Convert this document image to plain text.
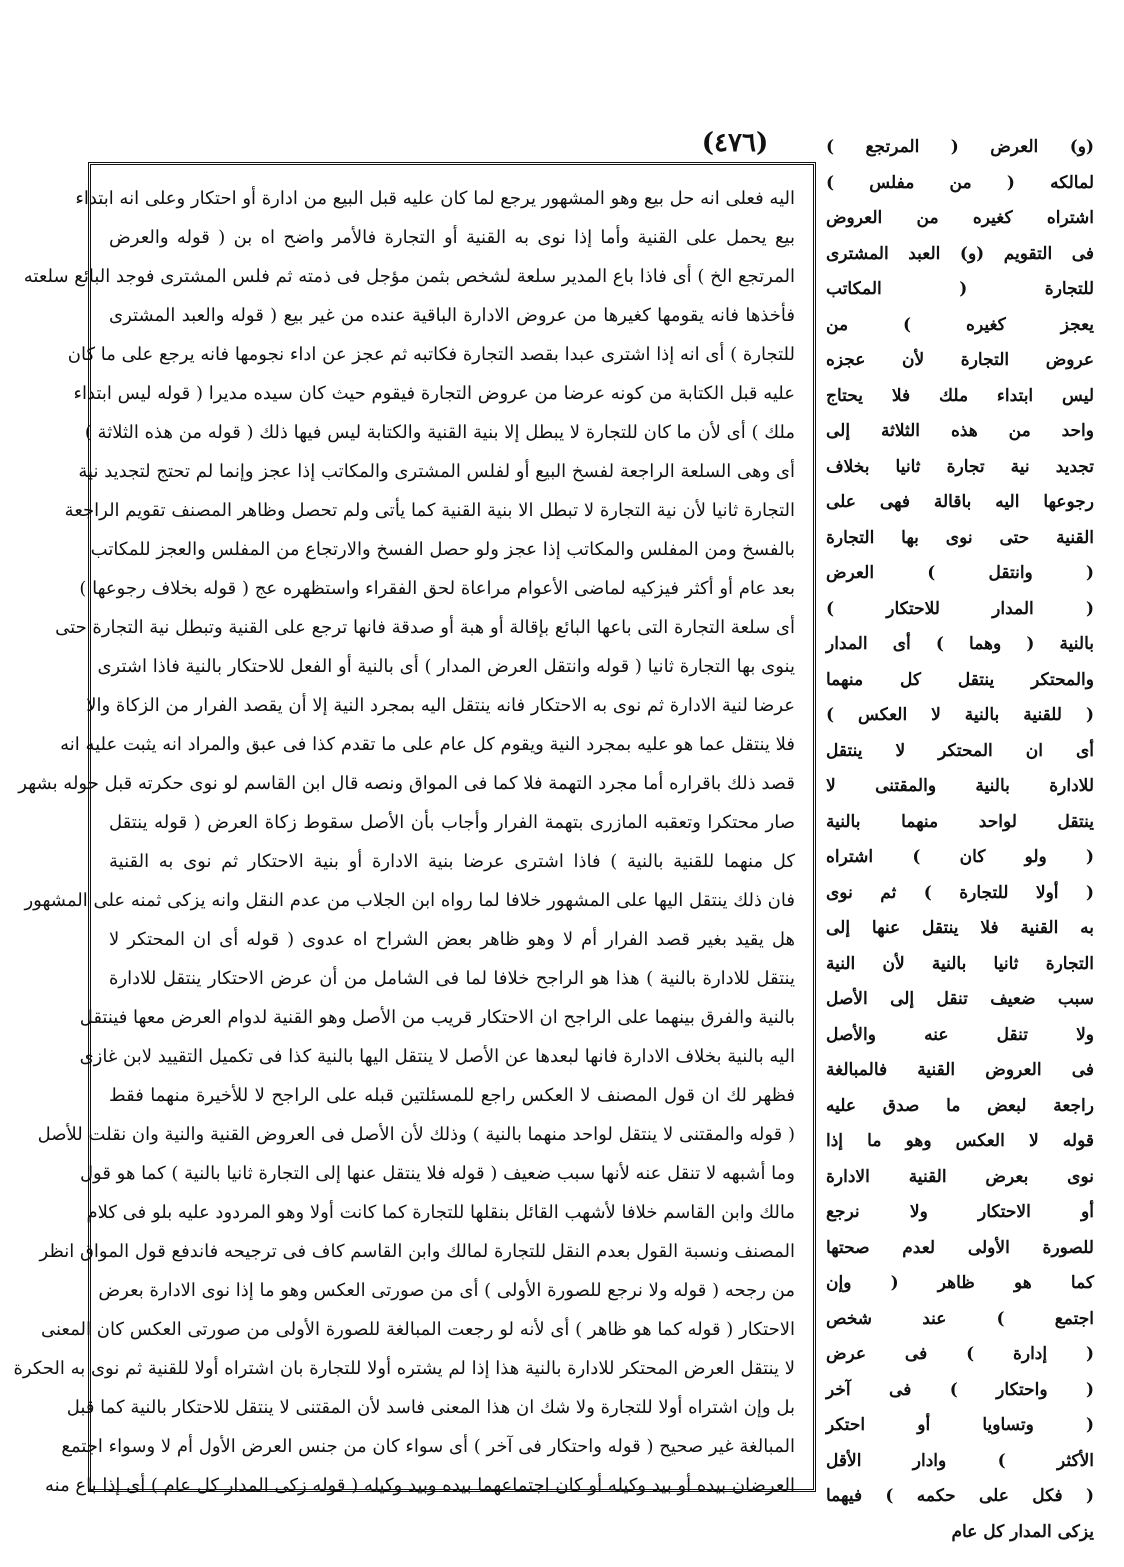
(٤٧٦)
اليه فعلى انه حل بيع وهو المشهور يرجع لما كان عليه قبل البيع من ادارة أو احتكار وعلى انه ابتداء
بيع يحمل على القنية وأما إذا نوى به القنية أو التجارة فالأمر واضح اه بن ( قوله والعرض
المرتجع الخ ) أى فاذا باع المدير سلعة لشخص بثمن مؤجل فى ذمته ثم فلس المشترى فوجد البائع سلعته
فأخذها فانه يقومها كغيرها من عروض الادارة الباقية عنده من غير بيع ( قوله والعبد المشترى
للتجارة ) أى انه إذا اشترى عبدا بقصد التجارة فكاتبه ثم عجز عن اداء نجومها فانه يرجع على ما كان
عليه قبل الكتابة من كونه عرضا من عروض التجارة فيقوم حيث كان سيده مديرا ( قوله ليس ابتداء
ملك ) أى لأن ما كان للتجارة لا يبطل إلا بنية القنية والكتابة ليس فيها ذلك ( قوله من هذه الثلاثة )
أى وهى السلعة الراجعة لفسخ البيع أو لفلس المشترى والمكاتب إذا عجز وإنما لم تحتج لتجديد نية
التجارة ثانيا لأن نية التجارة لا تبطل الا بنية القنية كما يأتى ولم تحصل وظاهر المصنف تقويم الراجعة
بالفسخ ومن المفلس والمكاتب إذا عجز ولو حصل الفسخ والارتجاع من المفلس والعجز للمكاتب
بعد عام أو أكثر فيزكيه لماضى الأعوام مراعاة لحق الفقراء واستظهره عج ( قوله بخلاف رجوعها )
أى سلعة التجارة التى باعها البائع بإقالة أو هبة أو صدقة فانها ترجع على القنية وتبطل نية التجارة حتى
ينوى بها التجارة ثانيا ( قوله وانتقل العرض المدار ) أى بالنية أو الفعل للاحتكار بالنية فاذا اشترى
عرضا لنية الادارة ثم نوى به الاحتكار فانه ينتقل اليه بمجرد النية إلا أن يقصد الفرار من الزكاة والا
فلا ينتقل عما هو عليه بمجرد النية ويقوم كل عام على ما تقدم كذا فى عبق والمراد انه يثبت عليه انه
قصد ذلك باقراره أما مجرد التهمة فلا كما فى المواق ونصه قال ابن القاسم لو نوى حكرته قبل حوله بشهر
صار محتكرا وتعقبه المازرى بتهمة الفرار وأجاب بأن الأصل سقوط زكاة العرض ( قوله ينتقل
كل منهما للقنية بالنية ) فاذا اشترى عرضا بنية الادارة أو بنية الاحتكار ثم نوى به القنية
فان ذلك ينتقل اليها على المشهور خلافا لما رواه ابن الجلاب من عدم النقل وانه يزكى ثمنه على المشهور
هل يقيد بغير قصد الفرار أم لا وهو ظاهر بعض الشراح اه عدوى ( قوله أى ان المحتكر لا
ينتقل للادارة بالنية ) هذا هو الراجح خلافا لما فى الشامل من أن عرض الاحتكار ينتقل للادارة
بالنية والفرق بينهما على الراجح ان الاحتكار قريب من الأصل وهو القنية لدوام العرض معها فينتقل
اليه بالنية بخلاف الادارة فانها لبعدها عن الأصل لا ينتقل اليها بالنية كذا فى تكميل التقييد لابن غازى
فظهر لك ان قول المصنف لا العكس راجع للمسئلتين قبله على الراجح لا للأخيرة منهما فقط
( قوله والمقتنى لا ينتقل لواحد منهما بالنية ) وذلك لأن الأصل فى العروض القنية والنية وان نقلت للأصل
وما أشبهه لا تنقل عنه لأنها سبب ضعيف ( قوله فلا ينتقل عنها إلى التجارة ثانيا بالنية ) كما هو قول
مالك وابن القاسم خلافا لأشهب القائل بنقلها للتجارة كما كانت أولا وهو المردود عليه بلو فى كلام
المصنف ونسبة القول بعدم النقل للتجارة لمالك وابن القاسم كاف فى ترجيحه فاندفع قول المواق انظر
من رجحه ( قوله ولا نرجع للصورة الأولى ) أى من صورتى العكس وهو ما إذا نوى الادارة بعرض
الاحتكار ( قوله كما هو ظاهر ) أى لأنه لو رجعت المبالغة للصورة الأولى من صورتى العكس كان المعنى
لا ينتقل العرض المحتكر للادارة بالنية هذا إذا لم يشتره أولا للتجارة بان اشتراه أولا للقنية ثم نوى به الحكرة
بل وإن اشتراه أولا للتجارة ولا شك ان هذا المعنى فاسد لأن المقتنى لا ينتقل للاحتكار بالنية كما قبل
المبالغة غير صحيح ( قوله واحتكار فى آخر ) أى سواء كان من جنس العرض الأول أم لا وسواء اجتمع
العرضان بيده أو بيد وكيله أو كان اجتماعهما بيده وبيد وكيله ( قوله زكى المدار كل عام ) أى إذا باع منه
(و) العرض ( المرتجع )
لمالكه ( من مفلس )
اشتراه كغيره من العروض
فى التقويم (و) العبد المشترى
للتجارة ( المكاتب
يعجز كغيره ) من
عروض التجارة لأن عجزه
ليس ابتداء ملك فلا يحتاج
واحد من هذه الثلاثة إلى
تجديد نية تجارة ثانيا بخلاف
رجوعها اليه باقالة فهى على
القنية حتى نوى بها التجارة
( وانتقل ) العرض
( المدار للاحتكار )
بالنية ( وهما ) أى المدار
والمحتكر ينتقل كل منهما
( للقنية بالنية لا العكس )
أى ان المحتكر لا ينتقل
للادارة بالنية والمقتنى لا
ينتقل لواحد منهما بالنية
( ولو كان ) اشتراه
( أولا للتجارة ) ثم نوى
به القنية فلا ينتقل عنها إلى
التجارة ثانيا بالنية لأن النية
سبب ضعيف تنقل إلى الأصل
ولا تنقل عنه والأصل
فى العروض القنية فالمبالغة
راجعة لبعض ما صدق عليه
قوله لا العكس وهو ما إذا
نوى بعرض القنية الادارة
أو الاحتكار ولا نرجع
للصورة الأولى لعدم صحتها
كما هو ظاهر ( وإن
اجتمع ) عند شخص
( إدارة ) فى عرض
( واحتكار ) فى آخر
( وتساويا أو احتكر
الأكثر ) وادار الأقل
( فكل على حكمه ) فيهما
يزكى المدار كل عام
